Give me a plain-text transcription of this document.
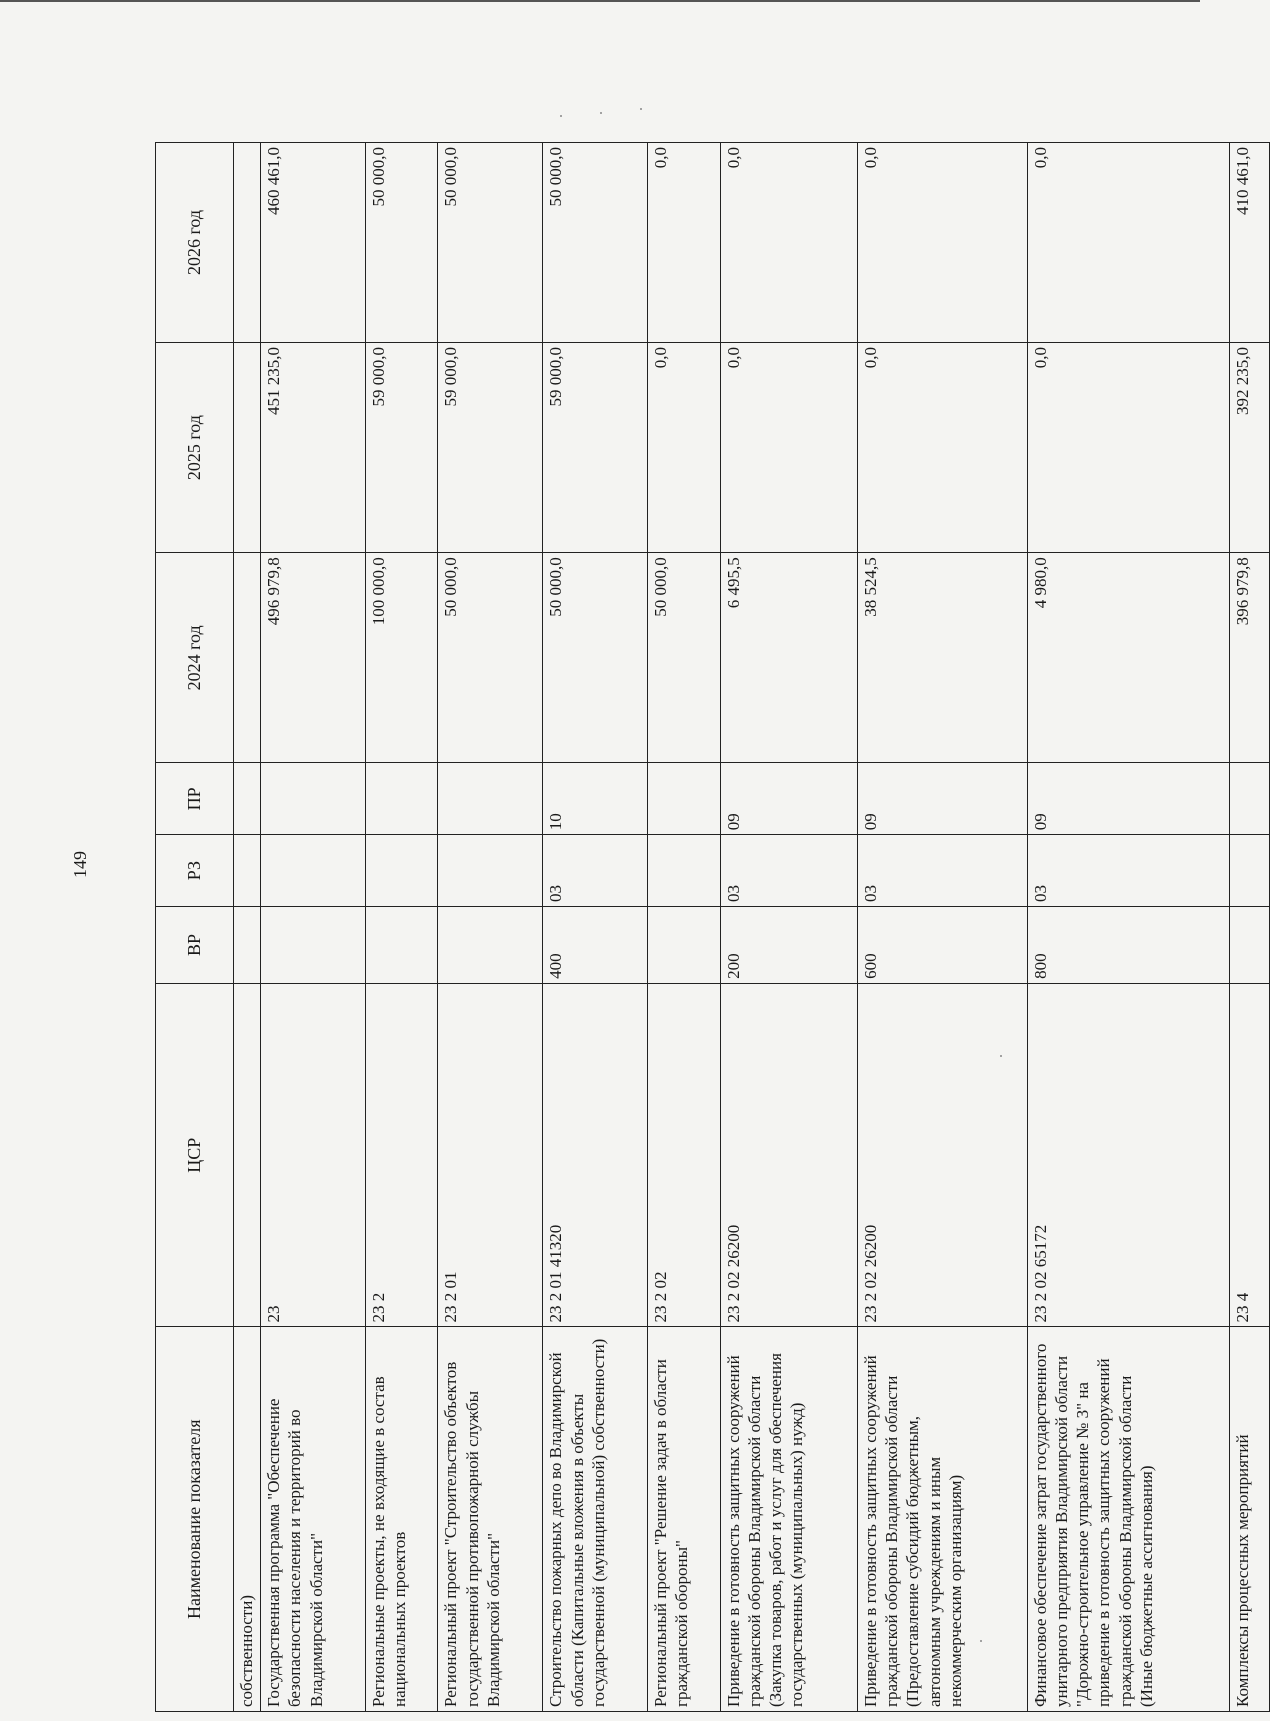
149
Наименование показателя	ЦСР	ВР	РЗ	ПР	2024 год	2025 год	2026 год
собственности)							
Государственная программа "Обеспечение безопасности населения и территорий во Владимирской области"	23				496 979,8	451 235,0	460 461,0
Региональные проекты, не входящие в состав национальных проектов	23 2				100 000,0	59 000,0	50 000,0
Региональный проект "Строительство объектов государственной противопожарной службы Владимирской области"	23 2 01				50 000,0	59 000,0	50 000,0
Строительство пожарных депо во Владимирской области (Капитальные вложения в объекты государственной (муниципальной) собственности)	23 2 01 41320	400	03	10	50 000,0	59 000,0	50 000,0
Региональный проект "Решение задач в области гражданской обороны"	23 2 02				50 000,0	0,0	0,0
Приведение в готовность защитных сооружений гражданской обороны Владимирской области (Закупка товаров, работ и услуг для обеспечения государственных (муниципальных) нужд)	23 2 02 26200	200	03	09	6 495,5	0,0	0,0
Приведение в готовность защитных сооружений гражданской обороны Владимирской области (Предоставление субсидий бюджетным, автономным учреждениям и иным некоммерческим организациям)	23 2 02 26200	600	03	09	38 524,5	0,0	0,0
Финансовое обеспечение затрат государственного унитарного предприятия Владимирской области "Дорожно-строительное управление № 3" на приведение в готовность защитных сооружений гражданской обороны Владимирской области (Иные бюджетные ассигнования)	23 2 02 65172	800	03	09	4 980,0	0,0	0,0
Комплексы процессных мероприятий	23 4				396 979,8	392 235,0	410 461,0
